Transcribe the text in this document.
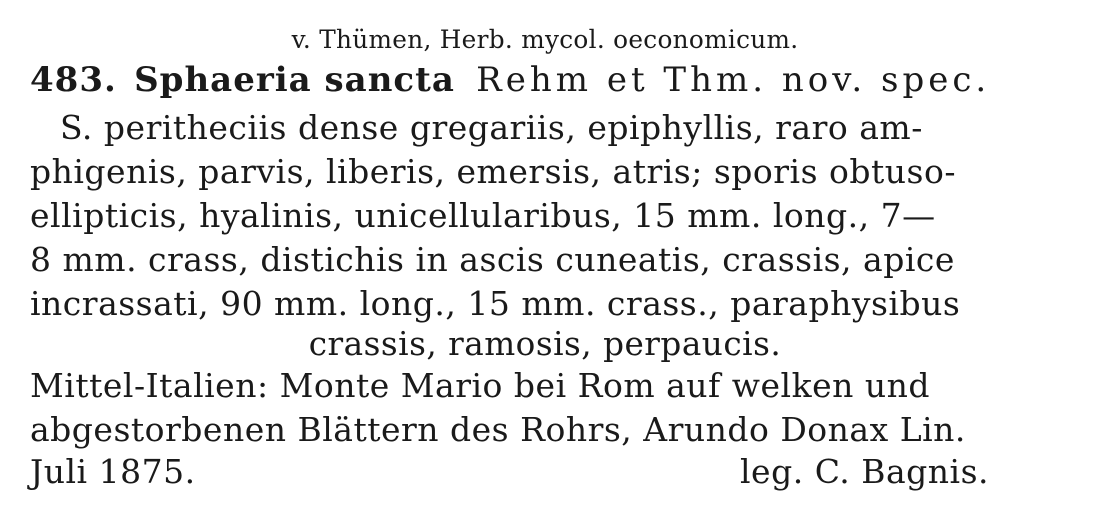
v. Thümen, Herb. mycol. oeconomicum.
483. Sphaeria sancta Rehm et Thm. nov. spec.
S. peritheciis dense gregariis, epiphyllis, raro am-
phigenis, parvis, liberis, emersis, atris; sporis obtuso-
ellipticis, hyalinis, unicellularibus, 15 mm. long., 7—
8 mm. crass, distichis in ascis cuneatis, crassis, apice
incrassati, 90 mm. long., 15 mm. crass., paraphysibus
crassis, ramosis, perpaucis.
Mittel-Italien: Monte Mario bei Rom auf welken und
abgestorbenen Blättern des Rohrs, Arundo Donax Lin.
Juli 1875.	leg. C. Bagnis.
